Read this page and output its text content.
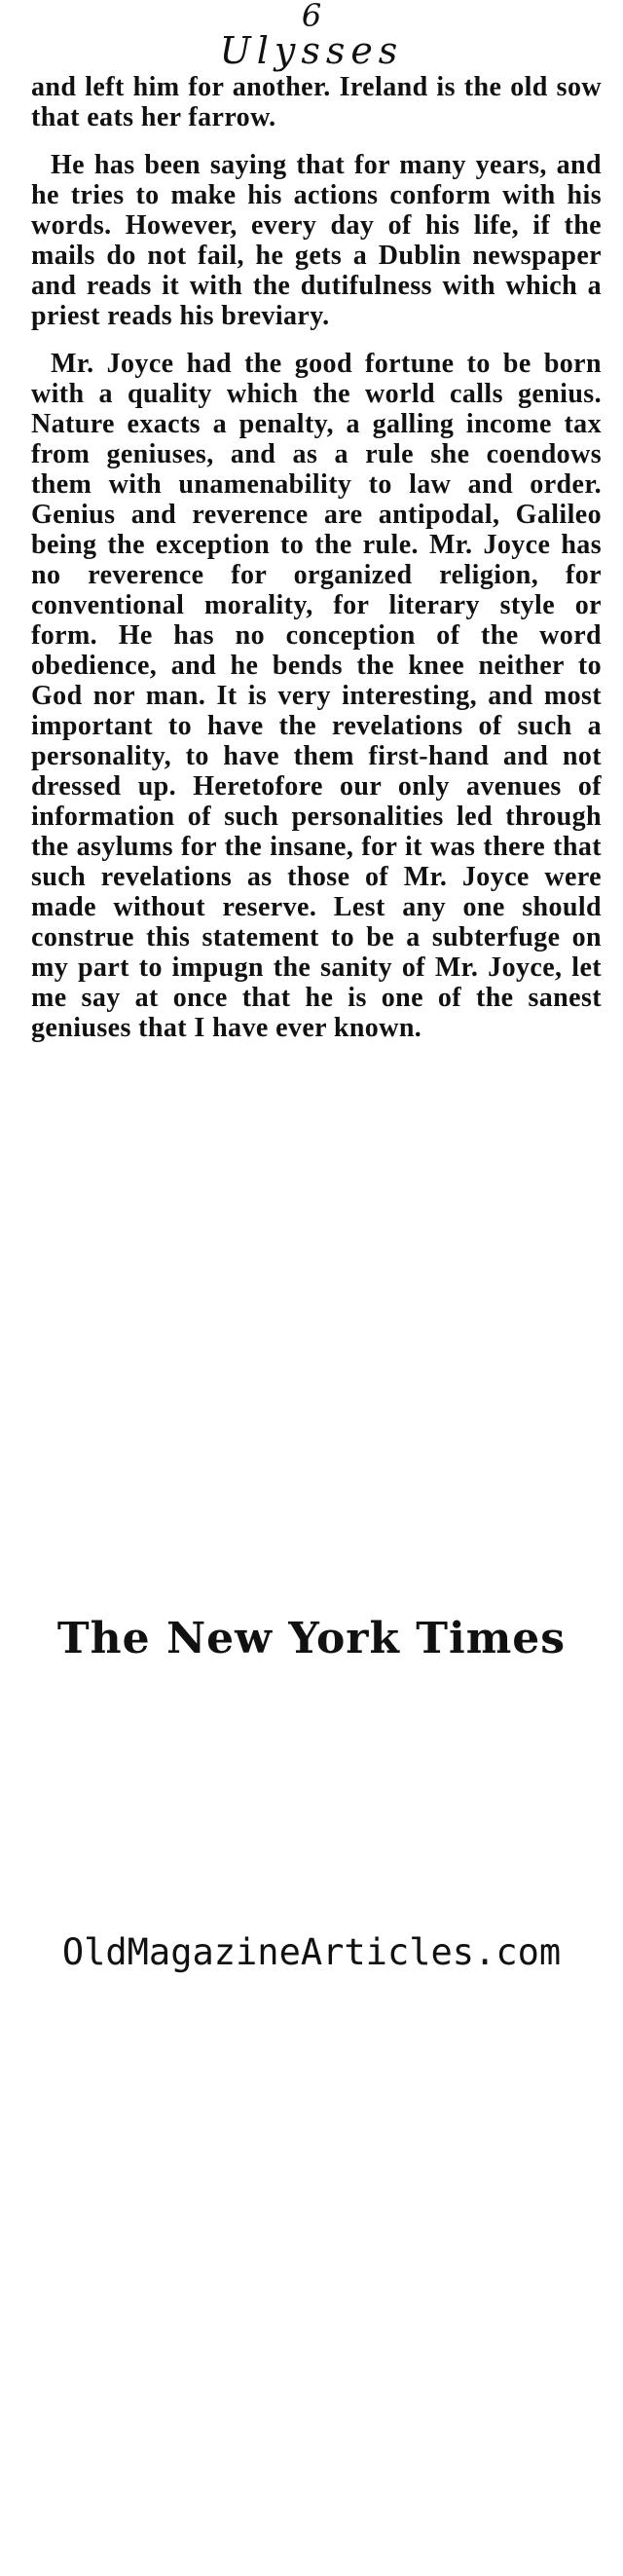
6
Ulysses

and left him for another. Ireland is the old sow that eats her farrow.

He has been saying that for many years, and he tries to make his actions conform with his words. However, every day of his life, if the mails do not fail, he gets a Dublin newspaper and reads it with the dutifulness with which a priest reads his breviary.

Mr. Joyce had the good fortune to be born with a quality which the world calls genius. Nature exacts a penalty, a galling income tax from geniuses, and as a rule she coendows them with unamenability to law and order. Genius and reverence are antipodal, Galileo being the exception to the rule. Mr. Joyce has no reverence for organized religion, for conventional morality, for literary style or form. He has no conception of the word obedience, and he bends the knee neither to God nor man. It is very interesting, and most important to have the revelations of such a personality, to have them first-hand and not dressed up. Heretofore our only avenues of information of such personalities led through the asylums for the insane, for it was there that such revelations as those of Mr. Joyce were made without reserve. Lest any one should construe this statement to be a subterfuge on my part to impugn the sanity of Mr. Joyce, let me say at once that he is one of the sanest geniuses that I have ever known.

The New York Times
OldMagazineArticles.com
